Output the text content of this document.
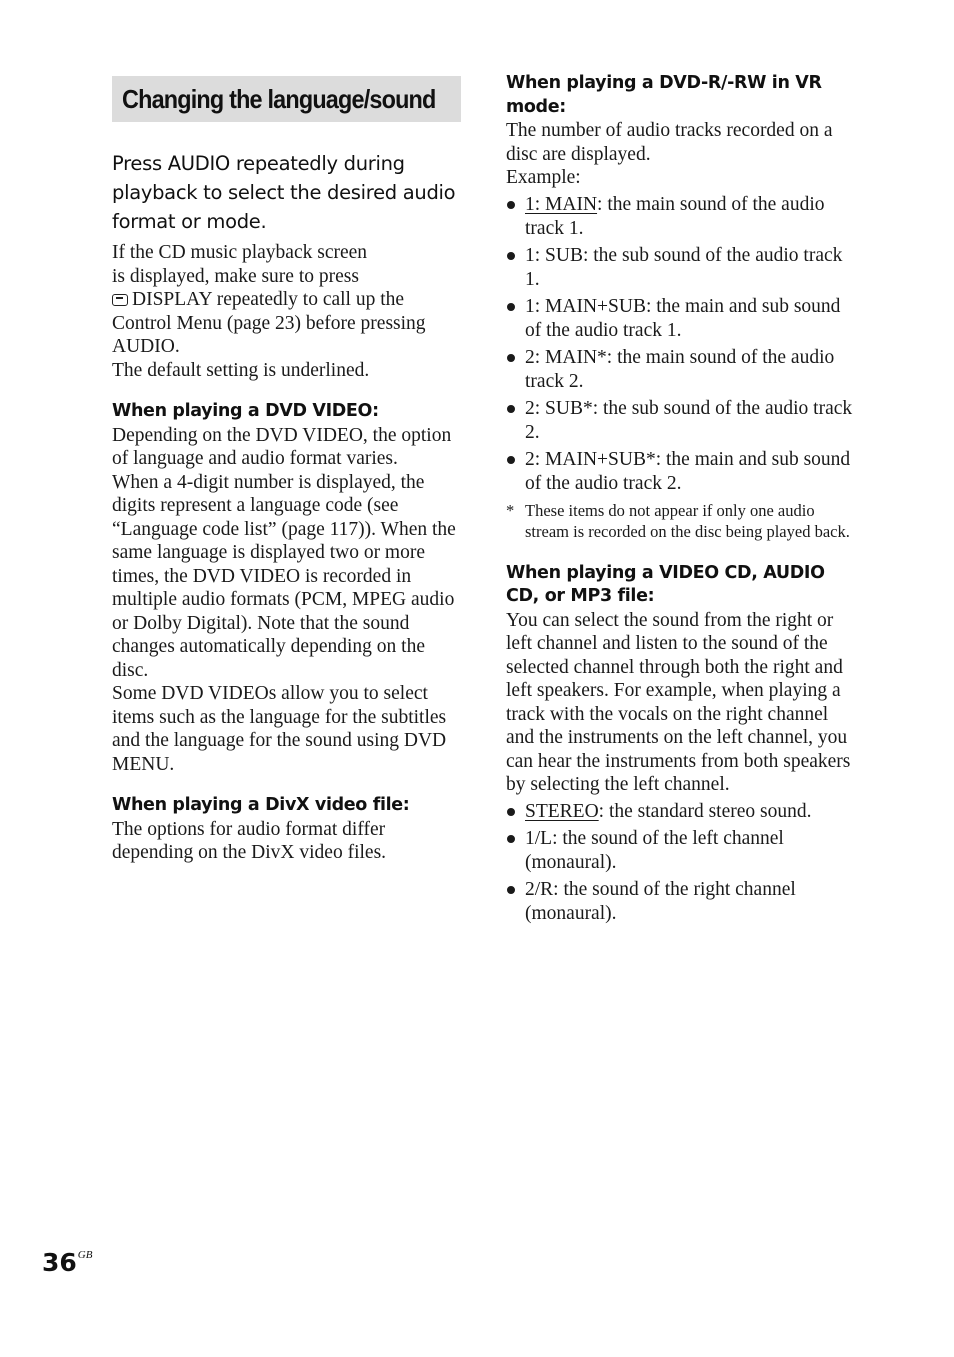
Changing the language/sound

Press AUDIO repeatedly during playback to select the desired audio format or mode.

If the CD music playback screen
is displayed, make sure to press
DISPLAY repeatedly to call up the
Control Menu (page 23) before pressing
AUDIO.

The default setting is underlined.

When playing a DVD VIDEO:

Depending on the DVD VIDEO, the option of language and audio format varies.

When a 4-digit number is displayed, the digits represent a language code (see “Language code list” (page 117)). When the same language is displayed two or more times, the DVD VIDEO is recorded in multiple audio formats (PCM, MPEG audio or Dolby Digital). Note that the sound changes automatically depending on the disc.

Some DVD VIDEOs allow you to select items such as the language for the subtitles and the language for the sound using DVD MENU.

When playing a DivX video file:

The options for audio format differ depending on the DivX video files.

When playing a DVD-R/-RW in VR mode:

The number of audio tracks recorded on a disc are displayed.

Example:

1: MAIN: the main sound of the audio track 1.
1: SUB: the sub sound of the audio track 1.
1: MAIN+SUB: the main and sub sound of the audio track 1.
2: MAIN*: the main sound of the audio track 2.
2: SUB*: the sub sound of the audio track 2.
2: MAIN+SUB*: the main and sub sound of the audio track 2.
* These items do not appear if only one audio stream is recorded on the disc being played back.

When playing a VIDEO CD, AUDIO CD, or MP3 file:

You can select the sound from the right or left channel and listen to the sound of the selected channel through both the right and left speakers. For example, when playing a track with the vocals on the right channel and the instruments on the left channel, you can hear the instruments from both speakers by selecting the left channel.

STEREO: the standard stereo sound.
1/L: the sound of the left channel (monaural).
2/R: the sound of the right channel (monaural).
$36^{GB}$
